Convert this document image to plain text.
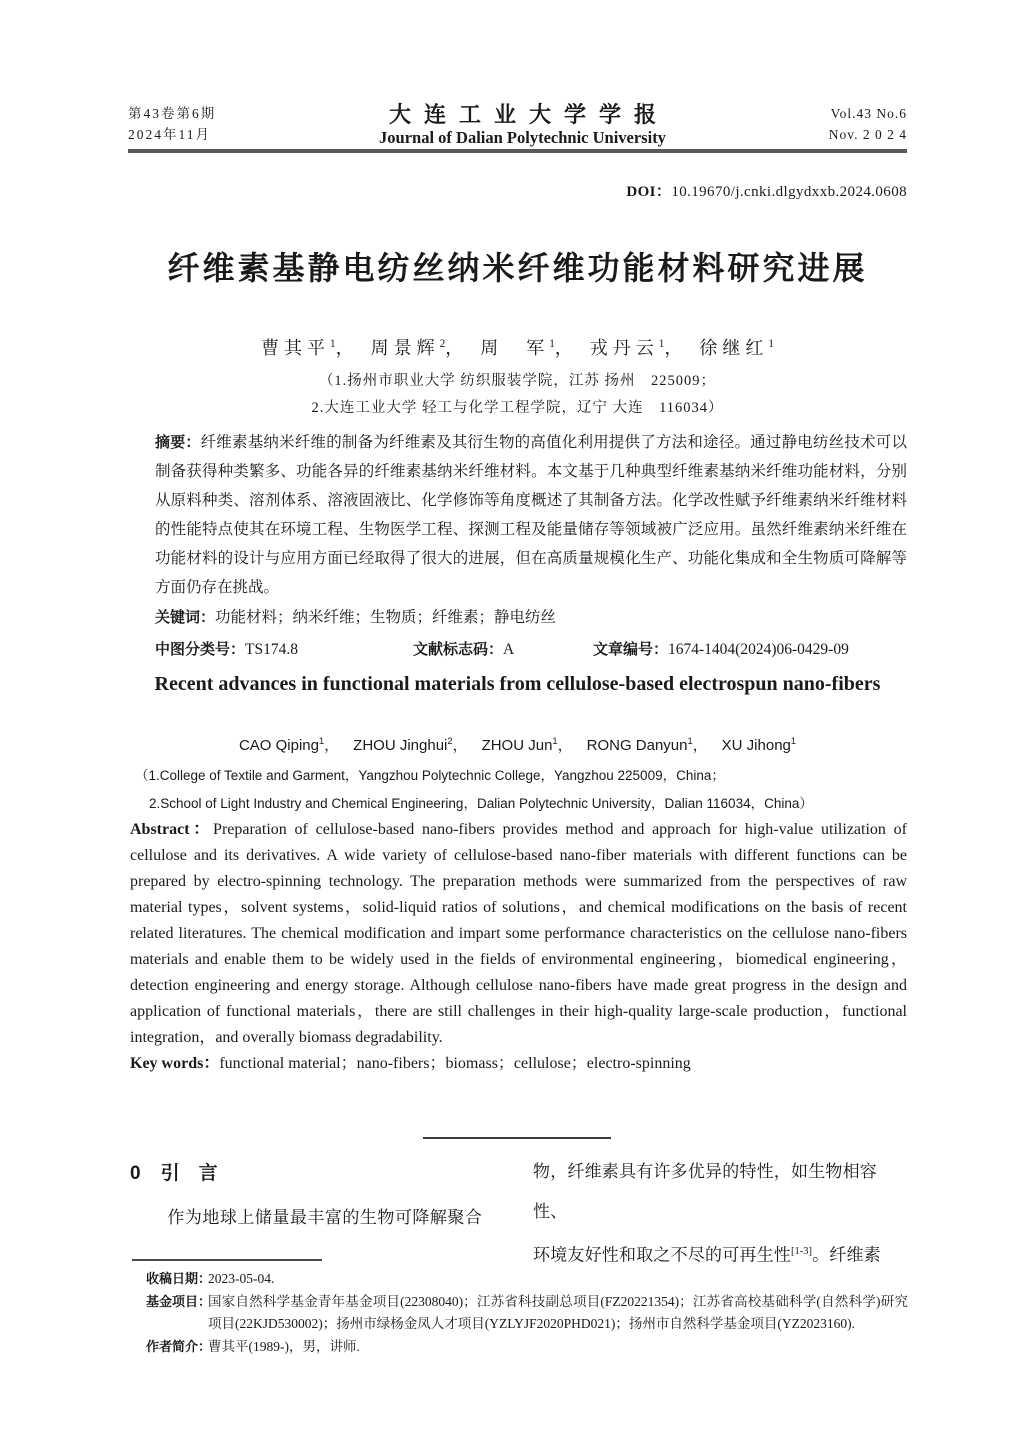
第43卷第6期
2024年11月
大连工业大学学报
Journal of Dalian Polytechnic University
Vol.43 No.6
Nov. 2 0 2 4
DOI：10.19670/j.cnki.dlgydxxb.2024.0608
纤维素基静电纺丝纳米纤维功能材料研究进展
曹其平$^1$， 周景辉$^2$， 周　军$^1$， 戎丹云$^1$， 徐继红$^1$
（1.扬州市职业大学 纺织服装学院，江苏 扬州　225009；
2.大连工业大学 轻工与化学工程学院，辽宁 大连　116034）
摘要：纤维素基纳米纤维的制备为纤维素及其衍生物的高值化利用提供了方法和途径。通过静电纺丝技术可以制备获得种类繁多、功能各异的纤维素基纳米纤维材料。本文基于几种典型纤维素基纳米纤维功能材料，分别从原料种类、溶剂体系、溶液固液比、化学修饰等角度概述了其制备方法。化学改性赋予纤维素纳米纤维材料的性能特点使其在环境工程、生物医学工程、探测工程及能量储存等领域被广泛应用。虽然纤维素纳米纤维在功能材料的设计与应用方面已经取得了很大的进展，但在高质量规模化生产、功能化集成和全生物质可降解等方面仍存在挑战。
关键词：功能材料；纳米纤维；生物质；纤维素；静电纺丝
中图分类号：TS174.8	文献标志码：A	文章编号：1674-1404(2024)06-0429-09
Recent advances in functional materials from cellulose-based electrospun nano-fibers
CAO Qiping$^1$， ZHOU Jinghui$^2$， ZHOU Jun$^1$， RONG Danyun$^1$， XU Jihong$^1$
（1.College of Textile and Garment，Yangzhou Polytechnic College，Yangzhou 225009，China；
2.School of Light Industry and Chemical Engineering，Dalian Polytechnic University，Dalian 116034，China）
Abstract：Preparation of cellulose-based nano-fibers provides method and approach for high-value utilization of cellulose and its derivatives. A wide variety of cellulose-based nano-fiber materials with different functions can be prepared by electro-spinning technology. The preparation methods were summarized from the perspectives of raw material types，solvent systems，solid-liquid ratios of solutions，and chemical modifications on the basis of recent related literatures. The chemical modification and impart some performance characteristics on the cellulose nano-fibers materials and enable them to be widely used in the fields of environmental engineering，biomedical engineering，detection engineering and energy storage. Although cellulose nano-fibers have made great progress in the design and application of functional materials，there are still challenges in their high-quality large-scale production，functional integration，and overally biomass degradability.
Key words：functional material；nano-fibers；biomass；cellulose；electro-spinning
0 引　言
作为地球上储量最丰富的生物可降解聚合
物，纤维素具有许多优异的特性，如生物相容性、
环境友好性和取之不尽的可再生性[1-3]。纤维素
收稿日期：
2023-05-04.
基金项目：
国家自然科学基金青年基金项目(22308040)；江苏省科技副总项目(FZ20221354)；江苏省高校基础科学(自然科学)研究项目(22KJD530002)；扬州市绿杨金凤人才项目(YZLYJF2020PHD021)；扬州市自然科学基金项目(YZ2023160).
作者简介：
曹其平(1989-)，男，讲师.
